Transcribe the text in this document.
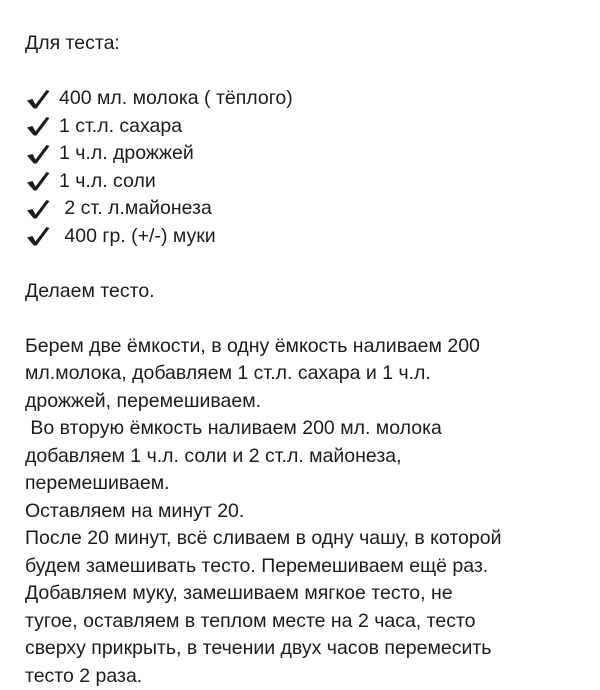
Для теста:
400 мл. молока ( тёплого)
1 ст.л. сахара
1 ч.л. дрожжей
1 ч.л. соли
2 ст. л.майонеза
400 гр. (+/-) муки
Делаем тесто.
Берем две ёмкости, в одну ёмкость наливаем 200
мл.молока, добавляем 1 ст.л. сахара и 1 ч.л.
дрожжей, перемешиваем.
Во вторую ёмкость наливаем 200 мл. молока
добавляем 1 ч.л. соли и 2 ст.л. майонеза,
перемешиваем.
Оставляем на минут 20.
После 20 минут, всё сливаем в одну чашу, в которой
будем замешивать тесто. Перемешиваем ещё раз.
Добавляем муку, замешиваем мягкое тесто, не
тугое, оставляем в теплом месте на 2 часа, тесто
сверху прикрыть, в течении двух часов перемесить
тесто 2 раза.
